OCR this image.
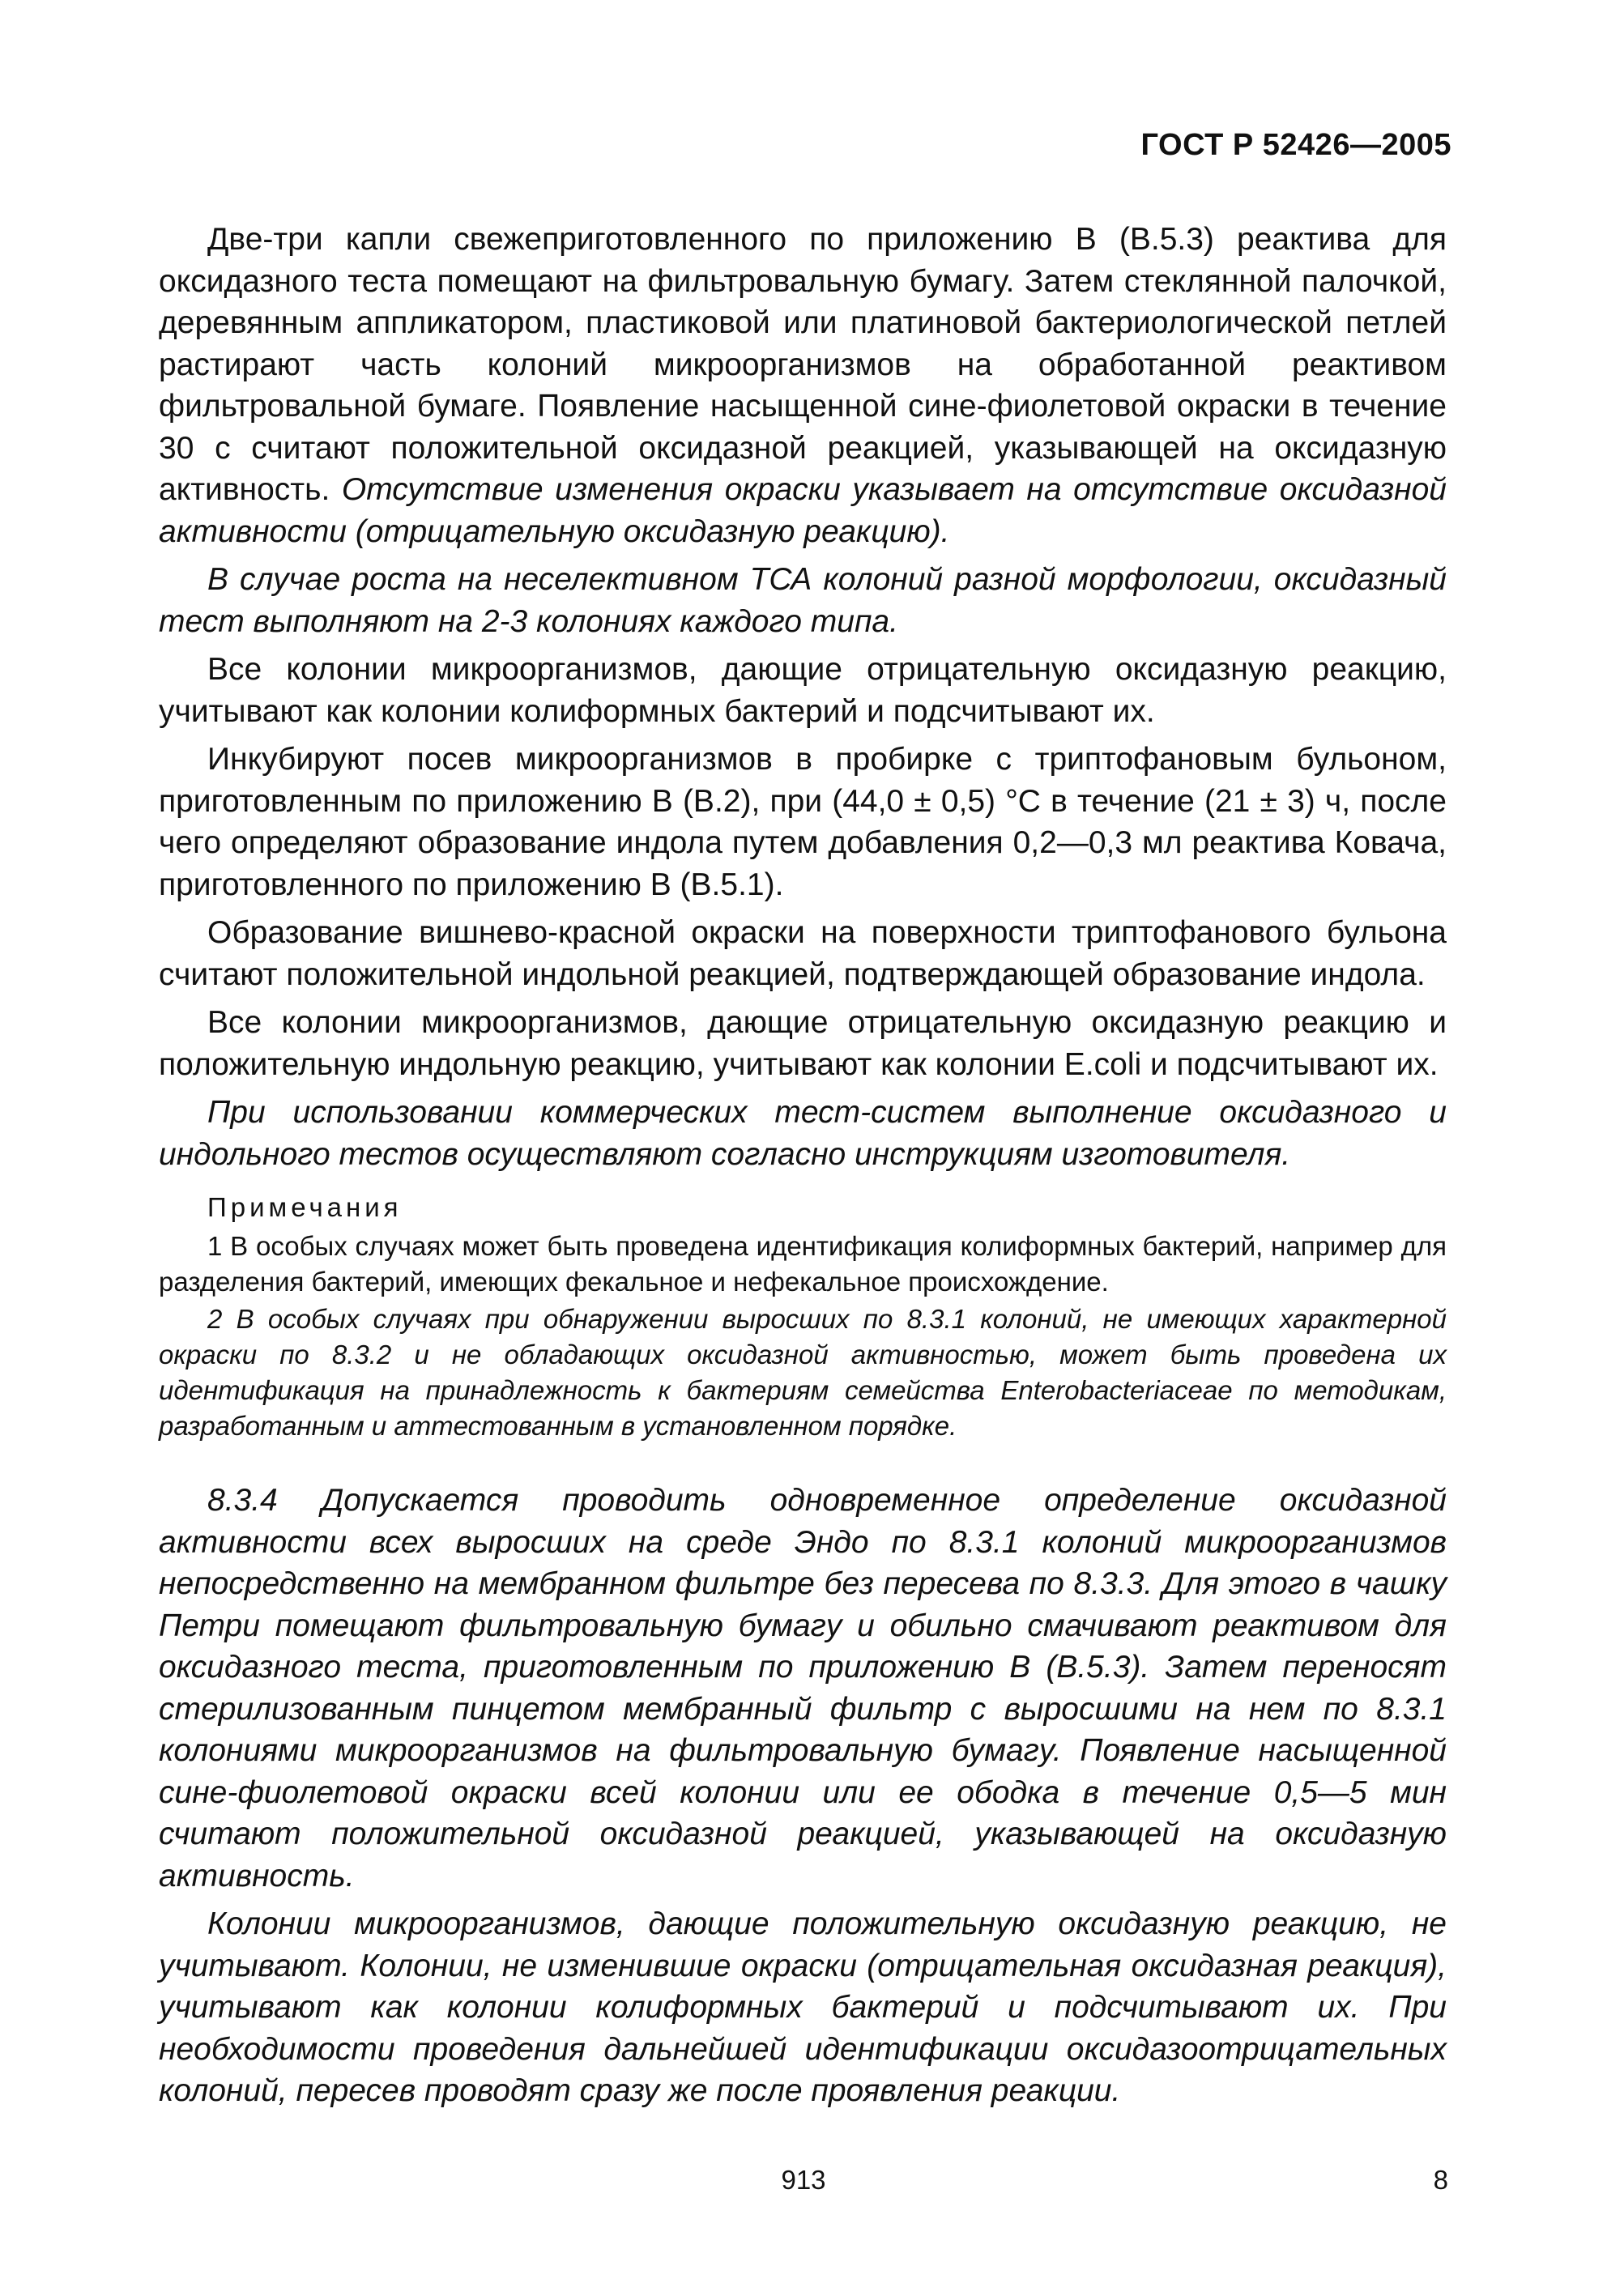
ГОСТ Р 52426—2005

Две-три капли свежеприготовленного по приложению В (В.5.3) реактива для оксидазного теста помещают на фильтровальную бумагу. Затем стеклянной палочкой, деревянным аппликатором, пластиковой или платиновой бактериологической петлей растирают часть колоний микроорганизмов на обработанной реактивом фильтровальной бумаге. Появление насыщенной сине-фиолетовой окраски в течение 30 с считают положительной оксидазной реакцией, указывающей на оксидазную активность. Отсутствие изменения окраски указывает на отсутствие оксидазной активности (отрицательную оксидазную реакцию).

В случае роста на неселективном ТСА колоний разной морфологии, оксидазный тест выполняют на 2-3 колониях каждого типа.

Все колонии микроорганизмов, дающие отрицательную оксидазную реакцию, учитывают как колонии колиформных бактерий и подсчитывают их.

Инкубируют посев микроорганизмов в пробирке с триптофановым бульоном, приготовленным по приложению В (В.2), при (44,0 ± 0,5) °С в течение (21 ± 3) ч, после чего определяют образование индола путем добавления 0,2—0,3 мл реактива Ковача, приготовленного по приложению В (В.5.1).

Образование вишнево-красной окраски на поверхности триптофанового бульона считают положительной индольной реакцией, подтверждающей образование индола.

Все колонии микроорганизмов, дающие отрицательную оксидазную реакцию и положительную индольную реакцию, учитывают как колонии E.coli и подсчитывают их.

При использовании коммерческих тест-систем выполнение оксидазного и индольного тестов осуществляют согласно инструкциям изготовителя.

Примечания

1 В особых случаях может быть проведена идентификация колиформных бактерий, например для разделения бактерий, имеющих фекальное и нефекальное происхождение.

2 В особых случаях при обнаружении выросших по 8.3.1 колоний, не имеющих характерной окраски по 8.3.2 и не обладающих оксидазной активностью, может быть проведена их идентификация на принадлежность к бактериям семейства Enterobacteriaceae по методикам, разработанным и аттестованным в установленном порядке.

8.3.4 Допускается проводить одновременное определение оксидазной активности всех выросших на среде Эндо по 8.3.1 колоний микроорганизмов непосредственно на мембранном фильтре без пересева по 8.3.3. Для этого в чашку Петри помещают фильтровальную бумагу и обильно смачивают реактивом для оксидазного теста, приготовленным по приложению В (В.5.3). Затем переносят стерилизованным пинцетом мембранный фильтр с выросшими на нем по 8.3.1 колониями микроорганизмов на фильтровальную бумагу. Появление насыщенной сине-фиолетовой окраски всей колонии или ее ободка в течение 0,5—5 мин считают положительной оксидазной реакцией, указывающей на оксидазную активность.

Колонии микроорганизмов, дающие положительную оксидазную реакцию, не учитывают. Колонии, не изменившие окраски (отрицательная оксидазная реакция), учитывают как колонии колиформных бактерий и подсчитывают их. При необходимости проведения дальнейшей идентификации оксидазоотрицательных колоний, пересев проводят сразу же после проявления реакции.

913	8
